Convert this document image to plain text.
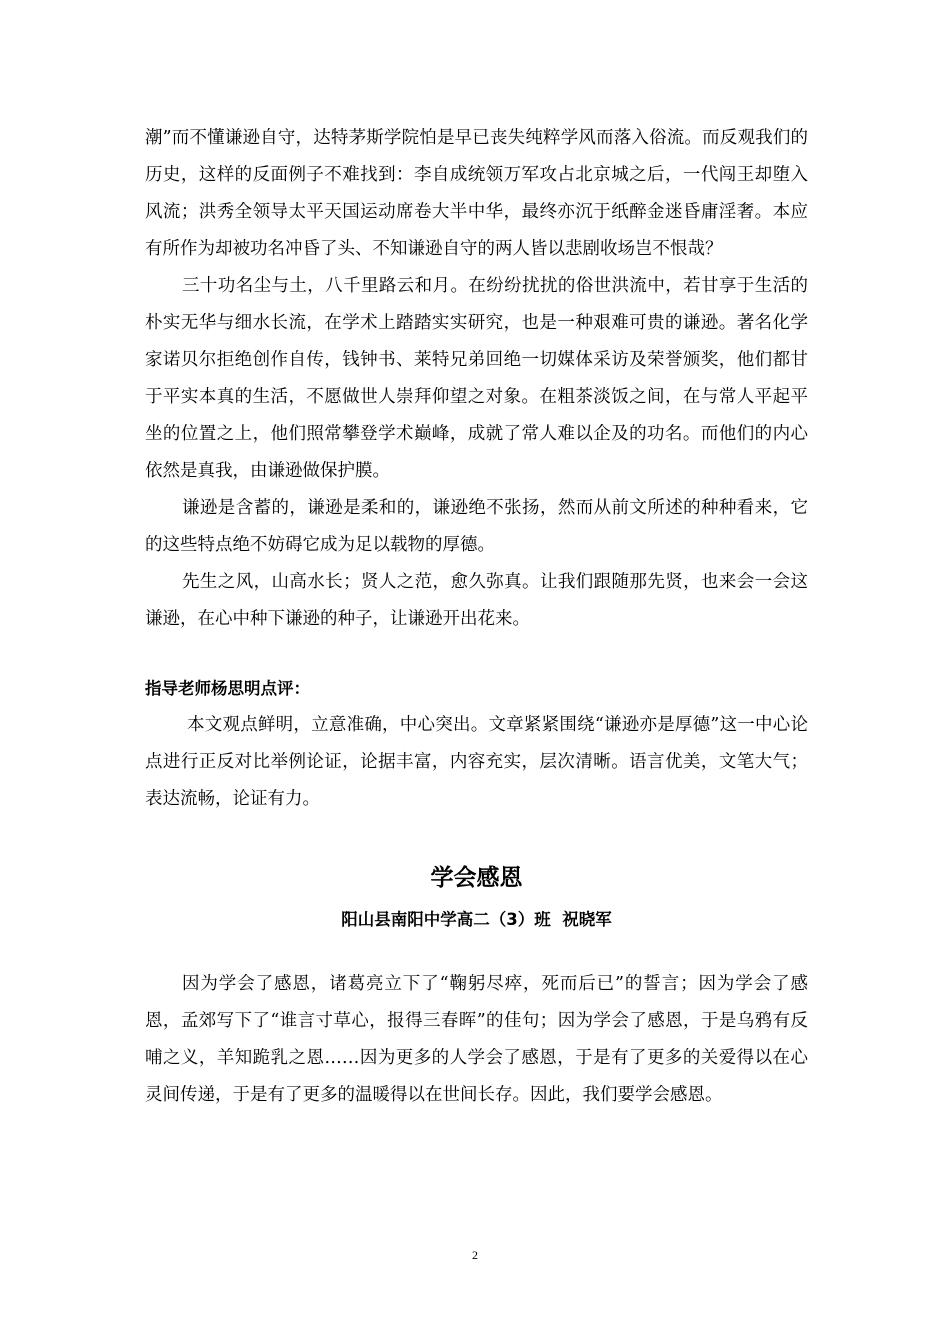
潮”而不懂谦逊自守，达特茅斯学院怕是早已丧失纯粹学风而落入俗流。而反观我们的历史，这样的反面例子不难找到：李自成统领万军攻占北京城之后，一代闯王却堕入风流；洪秀全领导太平天国运动席卷大半中华，最终亦沉于纸醉金迷昏庸淫奢。本应有所作为却被功名冲昏了头、不知谦逊自守的两人皆以悲剧收场岂不恨哉？

三十功名尘与土，八千里路云和月。在纷纷扰扰的俗世洪流中，若甘享于生活的朴实无华与细水长流，在学术上踏踏实实研究，也是一种艰难可贵的谦逊。著名化学家诺贝尔拒绝创作自传，钱钟书、莱特兄弟回绝一切媒体采访及荣誉颁奖，他们都甘于平实本真的生活，不愿做世人崇拜仰望之对象。在粗茶淡饭之间，在与常人平起平坐的位置之上，他们照常攀登学术巅峰，成就了常人难以企及的功名。而他们的内心依然是真我，由谦逊做保护膜。

谦逊是含蓄的，谦逊是柔和的，谦逊绝不张扬，然而从前文所述的种种看来，它的这些特点绝不妨碍它成为足以载物的厚德。

先生之风，山高水长；贤人之范，愈久弥真。让我们跟随那先贤，也来会一会这谦逊，在心中种下谦逊的种子，让谦逊开出花来。

指导老师杨思明点评：

本文观点鲜明，立意准确，中心突出。文章紧紧围绕“谦逊亦是厚德”这一中心论点进行正反对比举例论证，论据丰富，内容充实，层次清晰。语言优美，文笔大气；表达流畅，论证有力。

学会感恩

阳山县南阳中学高二（3）班  祝晓军

因为学会了感恩，诸葛亮立下了“鞠躬尽瘁，死而后已”的誓言；因为学会了感恩，孟郊写下了“谁言寸草心，报得三春晖”的佳句；因为学会了感恩，于是乌鸦有反哺之义，羊知跪乳之恩……因为更多的人学会了感恩，于是有了更多的关爱得以在心灵间传递，于是有了更多的温暖得以在世间长存。因此，我们要学会感恩。

2
